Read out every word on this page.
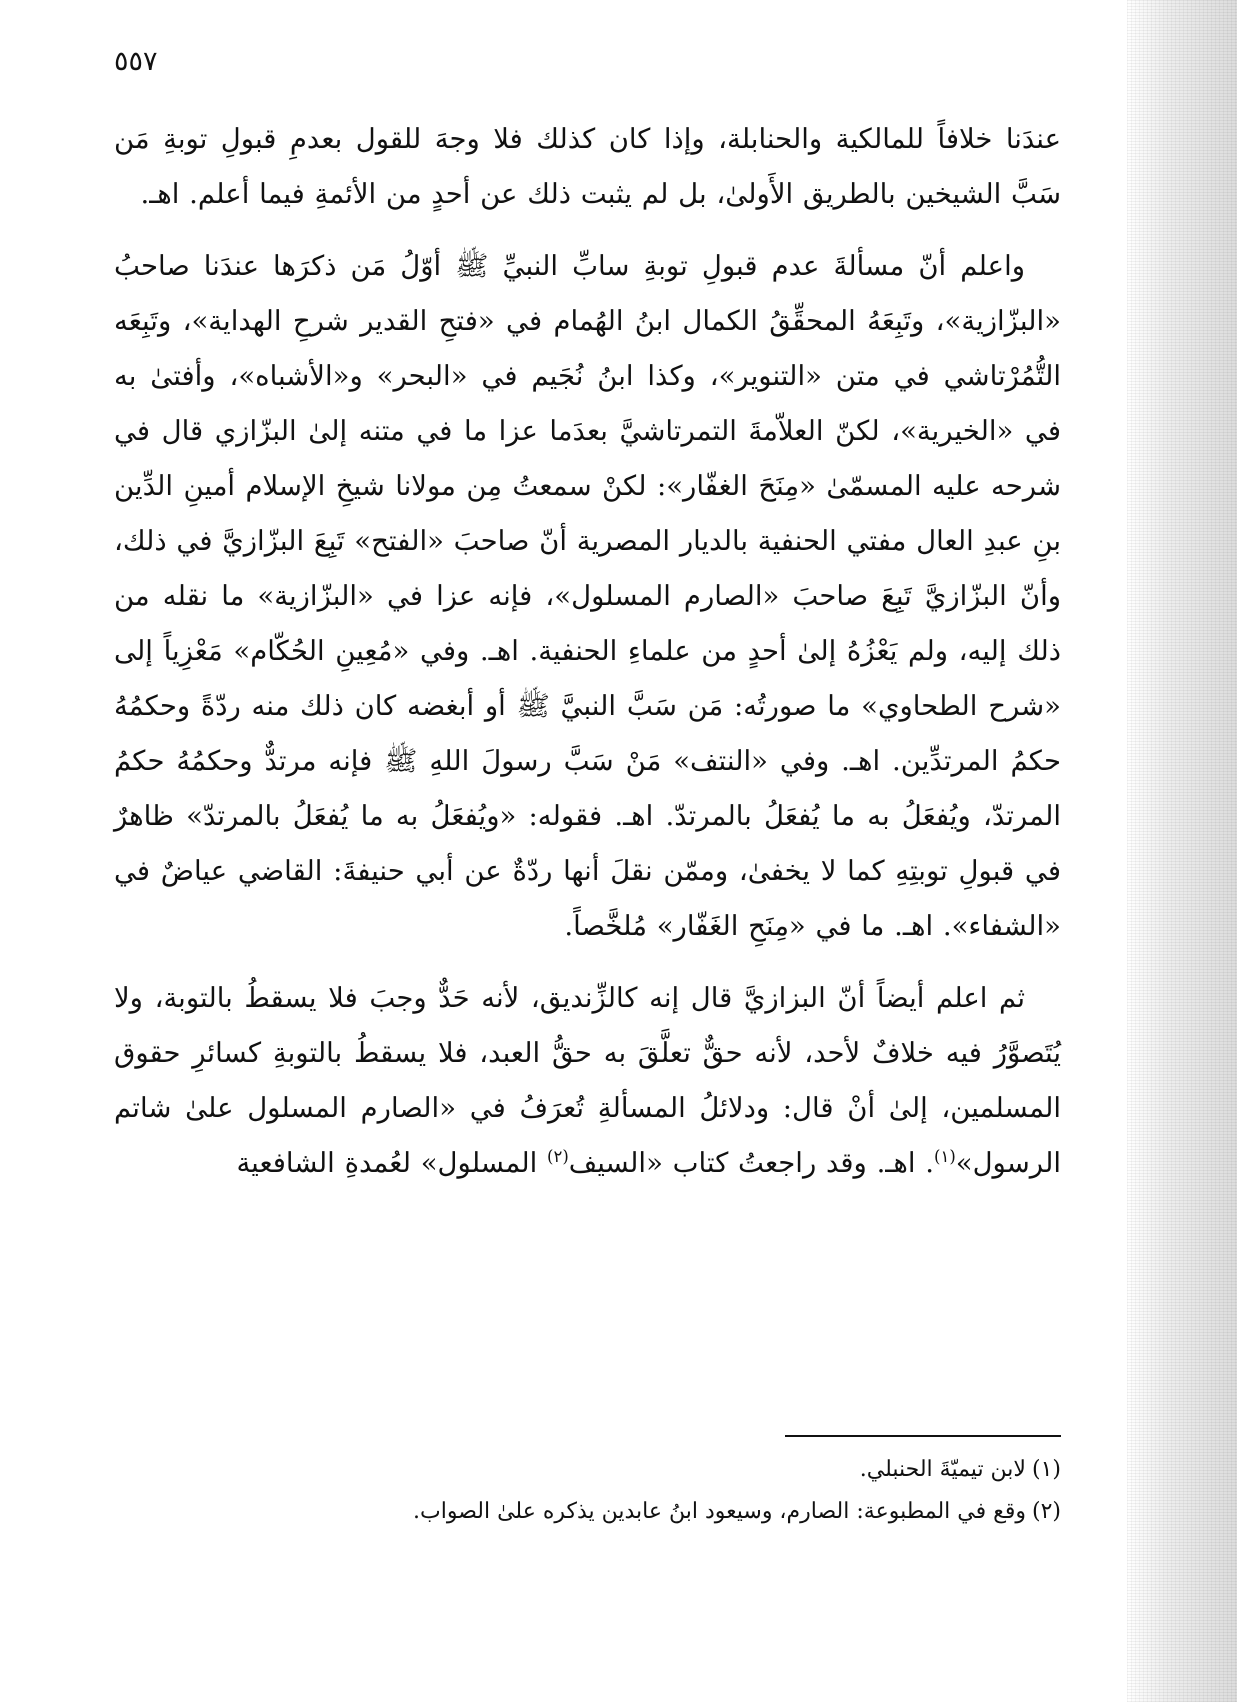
٥٥٧

عندَنا خلافاً للمالكية والحنابلة، وإذا كان كذلك فلا وجهَ للقول بعدمِ قبولِ توبةِ مَن سَبَّ الشيخين بالطريق الأَولىٰ، بل لم يثبت ذلك عن أحدٍ من الأئمةِ فيما أعلم. اهـ.

واعلم أنّ مسألةَ عدم قبولِ توبةِ سابِّ النبيِّ ﷺ أوّلُ مَن ذكرَها عندَنا صاحبُ «البزّازية»، وتَبِعَهُ المحقِّقُ الكمال ابنُ الهُمام في «فتحِ القدير شرحِ الهداية»، وتَبِعَه التُّمُرْتاشي في متن «التنوير»، وكذا ابنُ نُجَيم في «البحر» و«الأشباه»، وأفتىٰ به في «الخيرية»، لكنّ العلاّمةَ التمرتاشيَّ بعدَما عزا ما في متنه إلىٰ البزّازي قال في شرحه عليه المسمّىٰ «مِنَحَ الغفّار»: لكنْ سمعتُ مِن مولانا شيخِ الإسلام أمينِ الدِّين بنِ عبدِ العال مفتي الحنفية بالديار المصرية أنّ صاحبَ «الفتح» تَبِعَ البزّازيَّ في ذلك، وأنّ البزّازيَّ تَبِعَ صاحبَ «الصارم المسلول»، فإنه عزا في «البزّازية» ما نقله من ذلك إليه، ولم يَعْزُهُ إلىٰ أحدٍ من علماءِ الحنفية. اهـ. وفي «مُعِينِ الحُكّام» مَعْزِياً إلى «شرح الطحاوي» ما صورتُه: مَن سَبَّ النبيَّ ﷺ أو أبغضه كان ذلك منه ردّةً وحكمُهُ حكمُ المرتدِّين. اهـ. وفي «النتف» مَنْ سَبَّ رسولَ اللهِ ﷺ فإنه مرتدٌّ وحكمُهُ حكمُ المرتدّ، ويُفعَلُ به ما يُفعَلُ بالمرتدّ. اهـ. فقوله: «ويُفعَلُ به ما يُفعَلُ بالمرتدّ» ظاهرٌ في قبولِ توبتِهِ كما لا يخفىٰ، وممّن نقلَ أنها ردّةٌ عن أبي حنيفةَ: القاضي عياضٌ في «الشفاء». اهـ. ما في «مِنَحِ الغَفّار» مُلخَّصاً.

ثم اعلم أيضاً أنّ البزازيَّ قال إنه كالزِّنديق، لأنه حَدٌّ وجبَ فلا يسقطُ بالتوبة، ولا يُتَصوَّرُ فيه خلافٌ لأحد، لأنه حقٌّ تعلَّقَ به حقُّ العبد، فلا يسقطُ بالتوبةِ كسائرِ حقوق المسلمين، إلىٰ أنْ قال: ودلائلُ المسألةِ تُعرَفُ في «الصارم المسلول علىٰ شاتم الرسول»$^{(١)}$. اهـ. وقد راجعتُ كتاب «السيف$^{(٢)}$ المسلول» لعُمدةِ الشافعية

(١)لابن تيميّةَ الحنبلي.

(٢)وقع في المطبوعة: الصارم، وسيعود ابنُ عابدين يذكره علىٰ الصواب.
